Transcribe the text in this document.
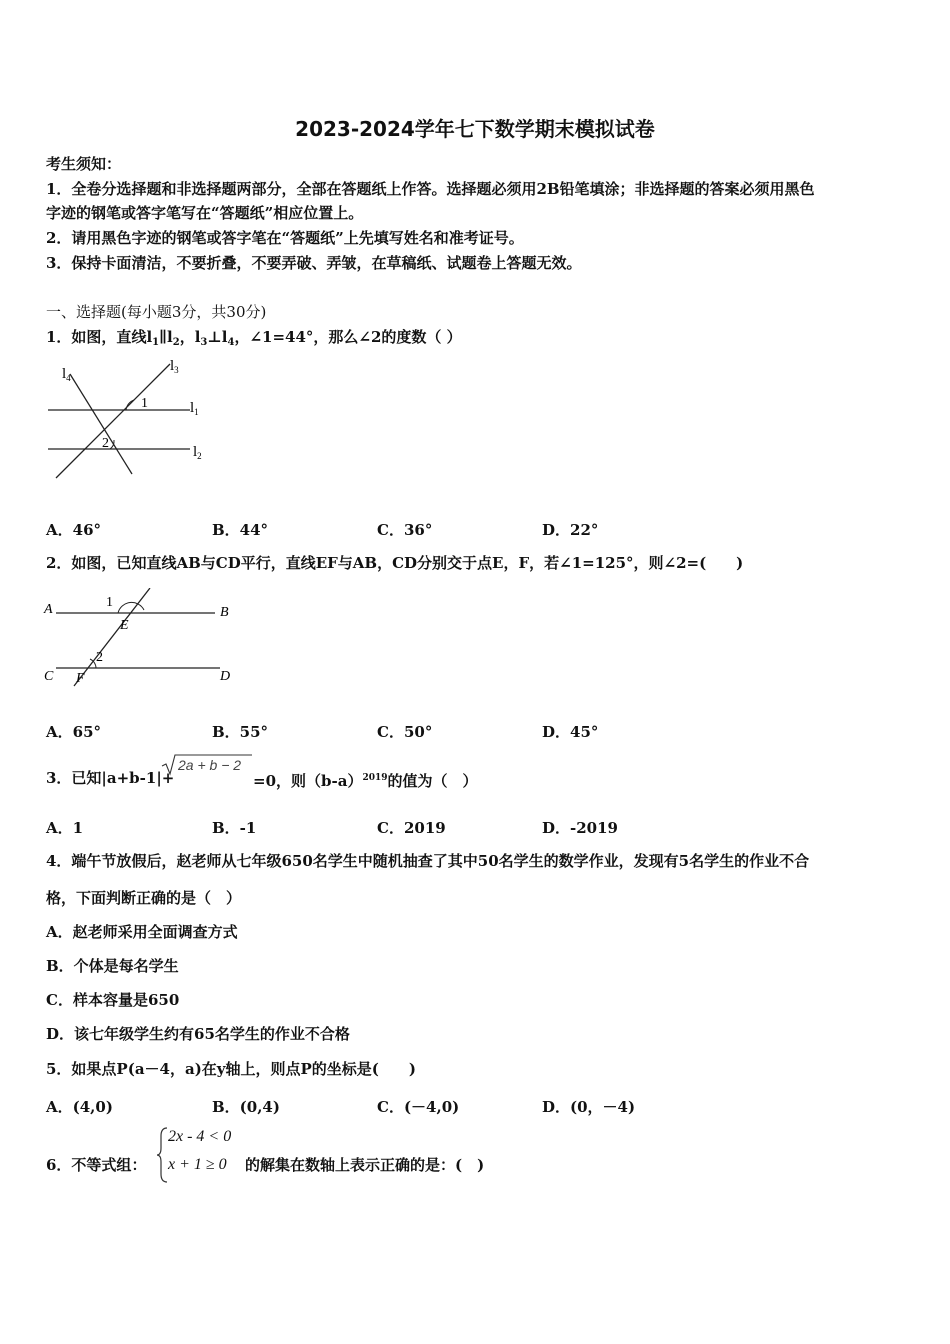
2023-2024学年七下数学期末模拟试卷
考生须知：
1．全卷分选择题和非选择题两部分，全部在答题纸上作答。选择题必须用2B铅笔填涂；非选择题的答案必须用黑色
字迹的钢笔或答字笔写在“答题纸”相应位置上。
2．请用黑色字迹的钢笔或答字笔在“答题纸”上先填写姓名和准考证号。
3．保持卡面清洁，不要折叠，不要弄破、弄皱，在草稿纸、试题卷上答题无效。
一、选择题(每小题3分，共30分)
1．如图，直线$l_1\parallel l_2$，$l_3\perp l_4$，∠1=44°，那么∠2的度数（ ）
$l_4$
$l_3$
$l_1$
$l_2$
1
2
A．46°	B．44°	C．36°	D．22°
2．如图，已知直线AB与CD平行，直线EF与AB，CD分别交于点E，F，若∠1=125°，则∠2=(　　)
A	B
C	D
E
F
1
2
A．65°	B．55°	C．50°	D．45°
3．已知|a+b-1|+
2a + b − 2
=0，则$(b-a)^{2019}$的值为（　）
A．1	B．-1	C．2019	D．-2019
4．端午节放假后，赵老师从七年级650名学生中随机抽查了其中50名学生的数学作业，发现有5名学生的作业不合
格，下面判断正确的是（　）
A．赵老师采用全面调查方式
B．个体是每名学生
C．样本容量是650
D．该七年级学生约有65名学生的作业不合格
5．如果点P(a－4，a)在y轴上，则点P的坐标是(　　)
A．(4,0)	B．(0,4)	C．(－4,0)	D．(0，－4)
6．不等式组：
2x - 4 < 0
x + 1 ≥ 0 的解集在数轴上表示正确的是：(　)
